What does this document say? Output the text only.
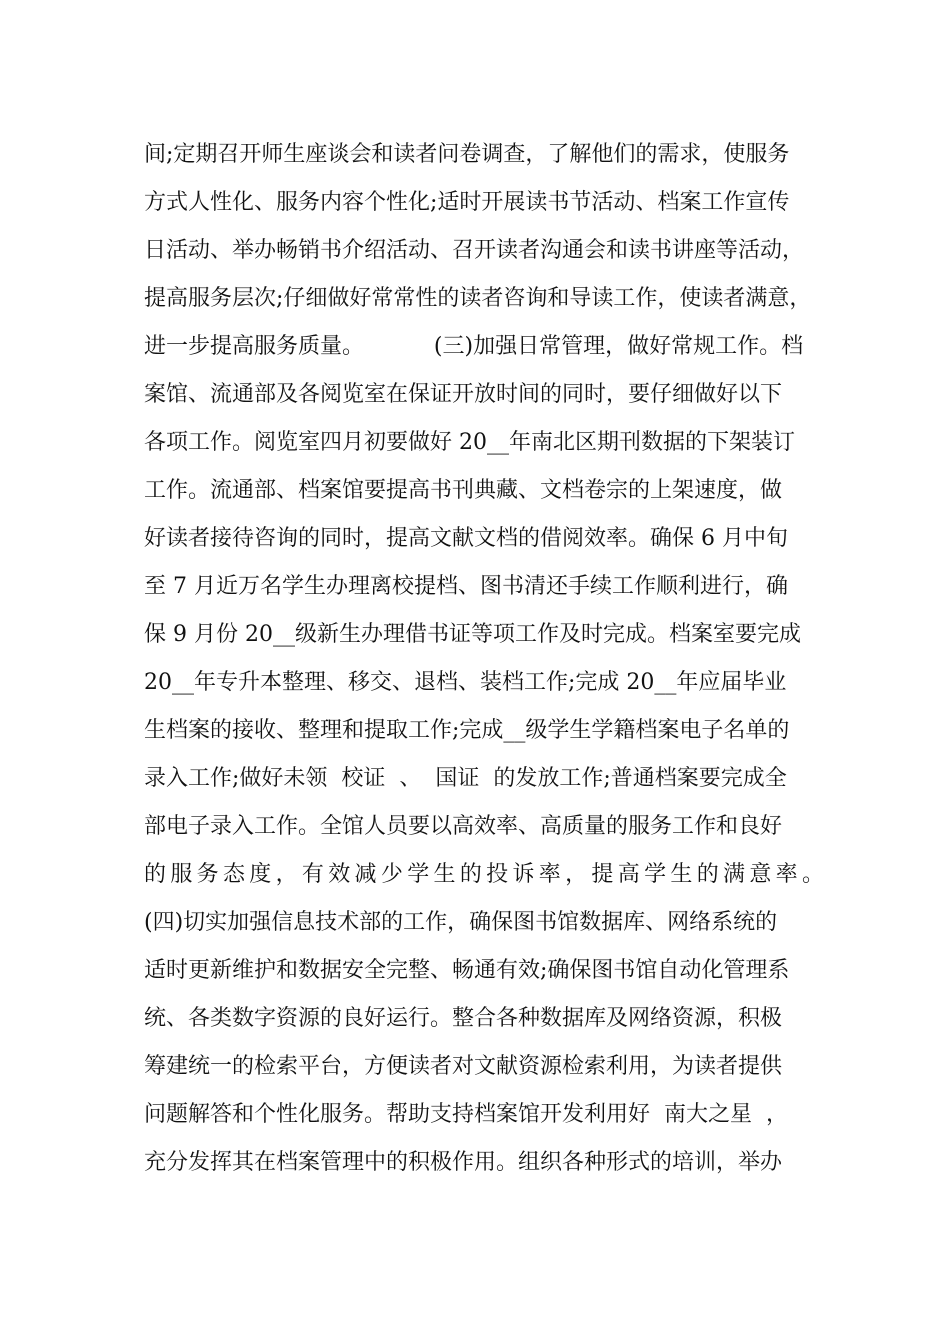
间;定期召开师生座谈会和读者问卷调查，了解他们的需求，使服务
方式人性化、服务内容个性化;适时开展读书节活动、档案工作宣传
日活动、举办畅销书介绍活动、召开读者沟通会和读书讲座等活动，
提高服务层次;仔细做好常常性的读者咨询和导读工作，使读者满意，
进一步提高服务质量。          (三)加强日常管理，做好常规工作。档
案馆、流通部及各阅览室在保证开放时间的同时，要仔细做好以下
各项工作。阅览室四月初要做好 20__年南北区期刊数据的下架装订
工作。流通部、档案馆要提高书刊典藏、文档卷宗的上架速度，做
好读者接待咨询的同时，提高文献文档的借阅效率。确保 6 月中旬
至 7 月近万名学生办理离校提档、图书清还手续工作顺利进行，确
保 9 月份 20__级新生办理借书证等项工作及时完成。档案室要完成
20__年专升本整理、移交、退档、装档工作;完成 20__年应届毕业
生档案的接收、整理和提取工作;完成__级学生学籍档案电子名单的
录入工作;做好未领  校证  、  国证  的发放工作;普通档案要完成全
部电子录入工作。全馆人员要以高效率、高质量的服务工作和良好
的服务态度，有效减少学生的投诉率，提高学生的满意率。
(四)切实加强信息技术部的工作，确保图书馆数据库、网络系统的
适时更新维护和数据安全完整、畅通有效;确保图书馆自动化管理系
统、各类数字资源的良好运行。整合各种数据库及网络资源，积极
筹建统一的检索平台，方便读者对文献资源检索利用，为读者提供
问题解答和个性化服务。帮助支持档案馆开发利用好  南大之星  ，
充分发挥其在档案管理中的积极作用。组织各种形式的培训，举办
